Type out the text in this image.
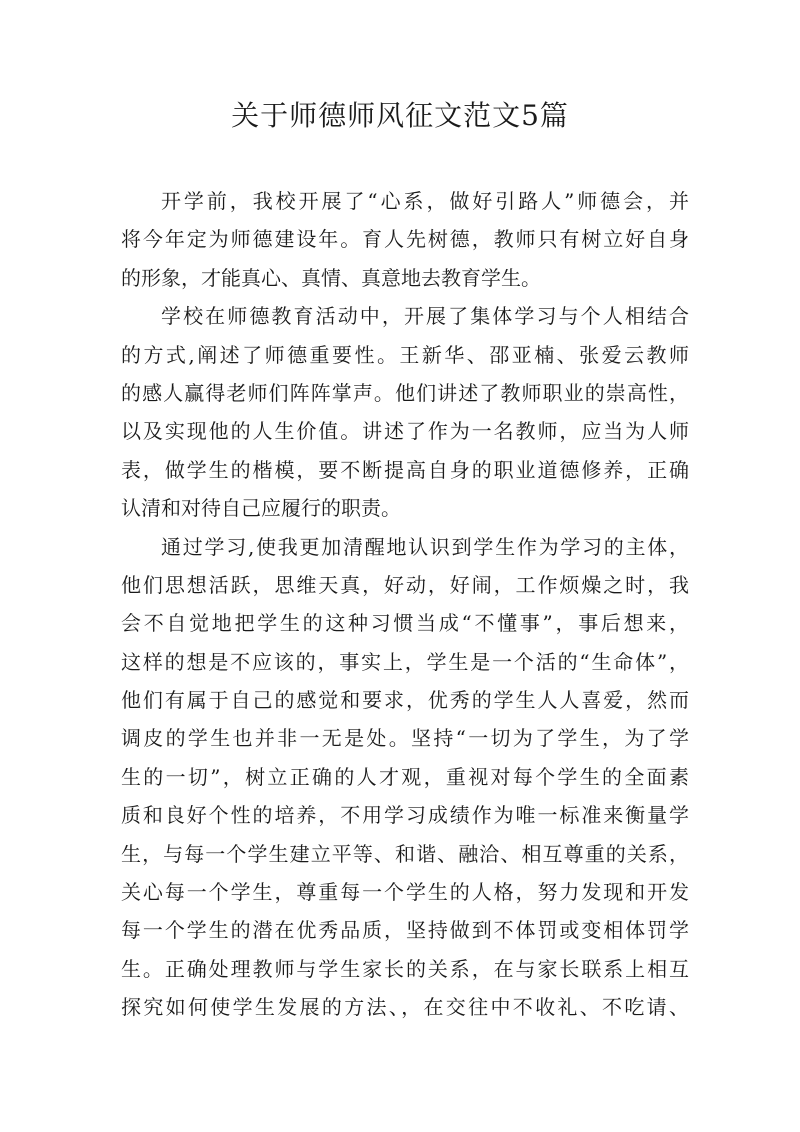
关于师德师风征文范文5篇
开学前，我校开展了“心系，做好引路人”师德会，并
将今年定为师德建设年。育人先树德，教师只有树立好自身
的形象，才能真心、真情、真意地去教育学生。
学校在师德教育活动中，开展了集体学习与个人相结合
的方式,阐述了师德重要性。王新华、邵亚楠、张爱云教师
的感人赢得老师们阵阵掌声。他们讲述了教师职业的崇高性，
以及实现他的人生价值。讲述了作为一名教师，应当为人师
表，做学生的楷模，要不断提高自身的职业道德修养，正确
认清和对待自己应履行的职责。
通过学习,使我更加清醒地认识到学生作为学习的主体，
他们思想活跃，思维天真，好动，好闹，工作烦燥之时，我
会不自觉地把学生的这种习惯当成“不懂事”，事后想来，
这样的想是不应该的，事实上，学生是一个活的“生命体”，
他们有属于自己的感觉和要求，优秀的学生人人喜爱，然而
调皮的学生也并非一无是处。坚持“一切为了学生，为了学
生的一切”，树立正确的人才观，重视对每个学生的全面素
质和良好个性的培养，不用学习成绩作为唯一标准来衡量学
生，与每一个学生建立平等、和谐、融洽、相互尊重的关系，
关心每一个学生，尊重每一个学生的人格，努力发现和开发
每一个学生的潜在优秀品质，坚持做到不体罚或变相体罚学
生。正确处理教师与学生家长的关系，在与家长联系上相互
探究如何使学生发展的方法、，在交往中不收礼、不吃请、
